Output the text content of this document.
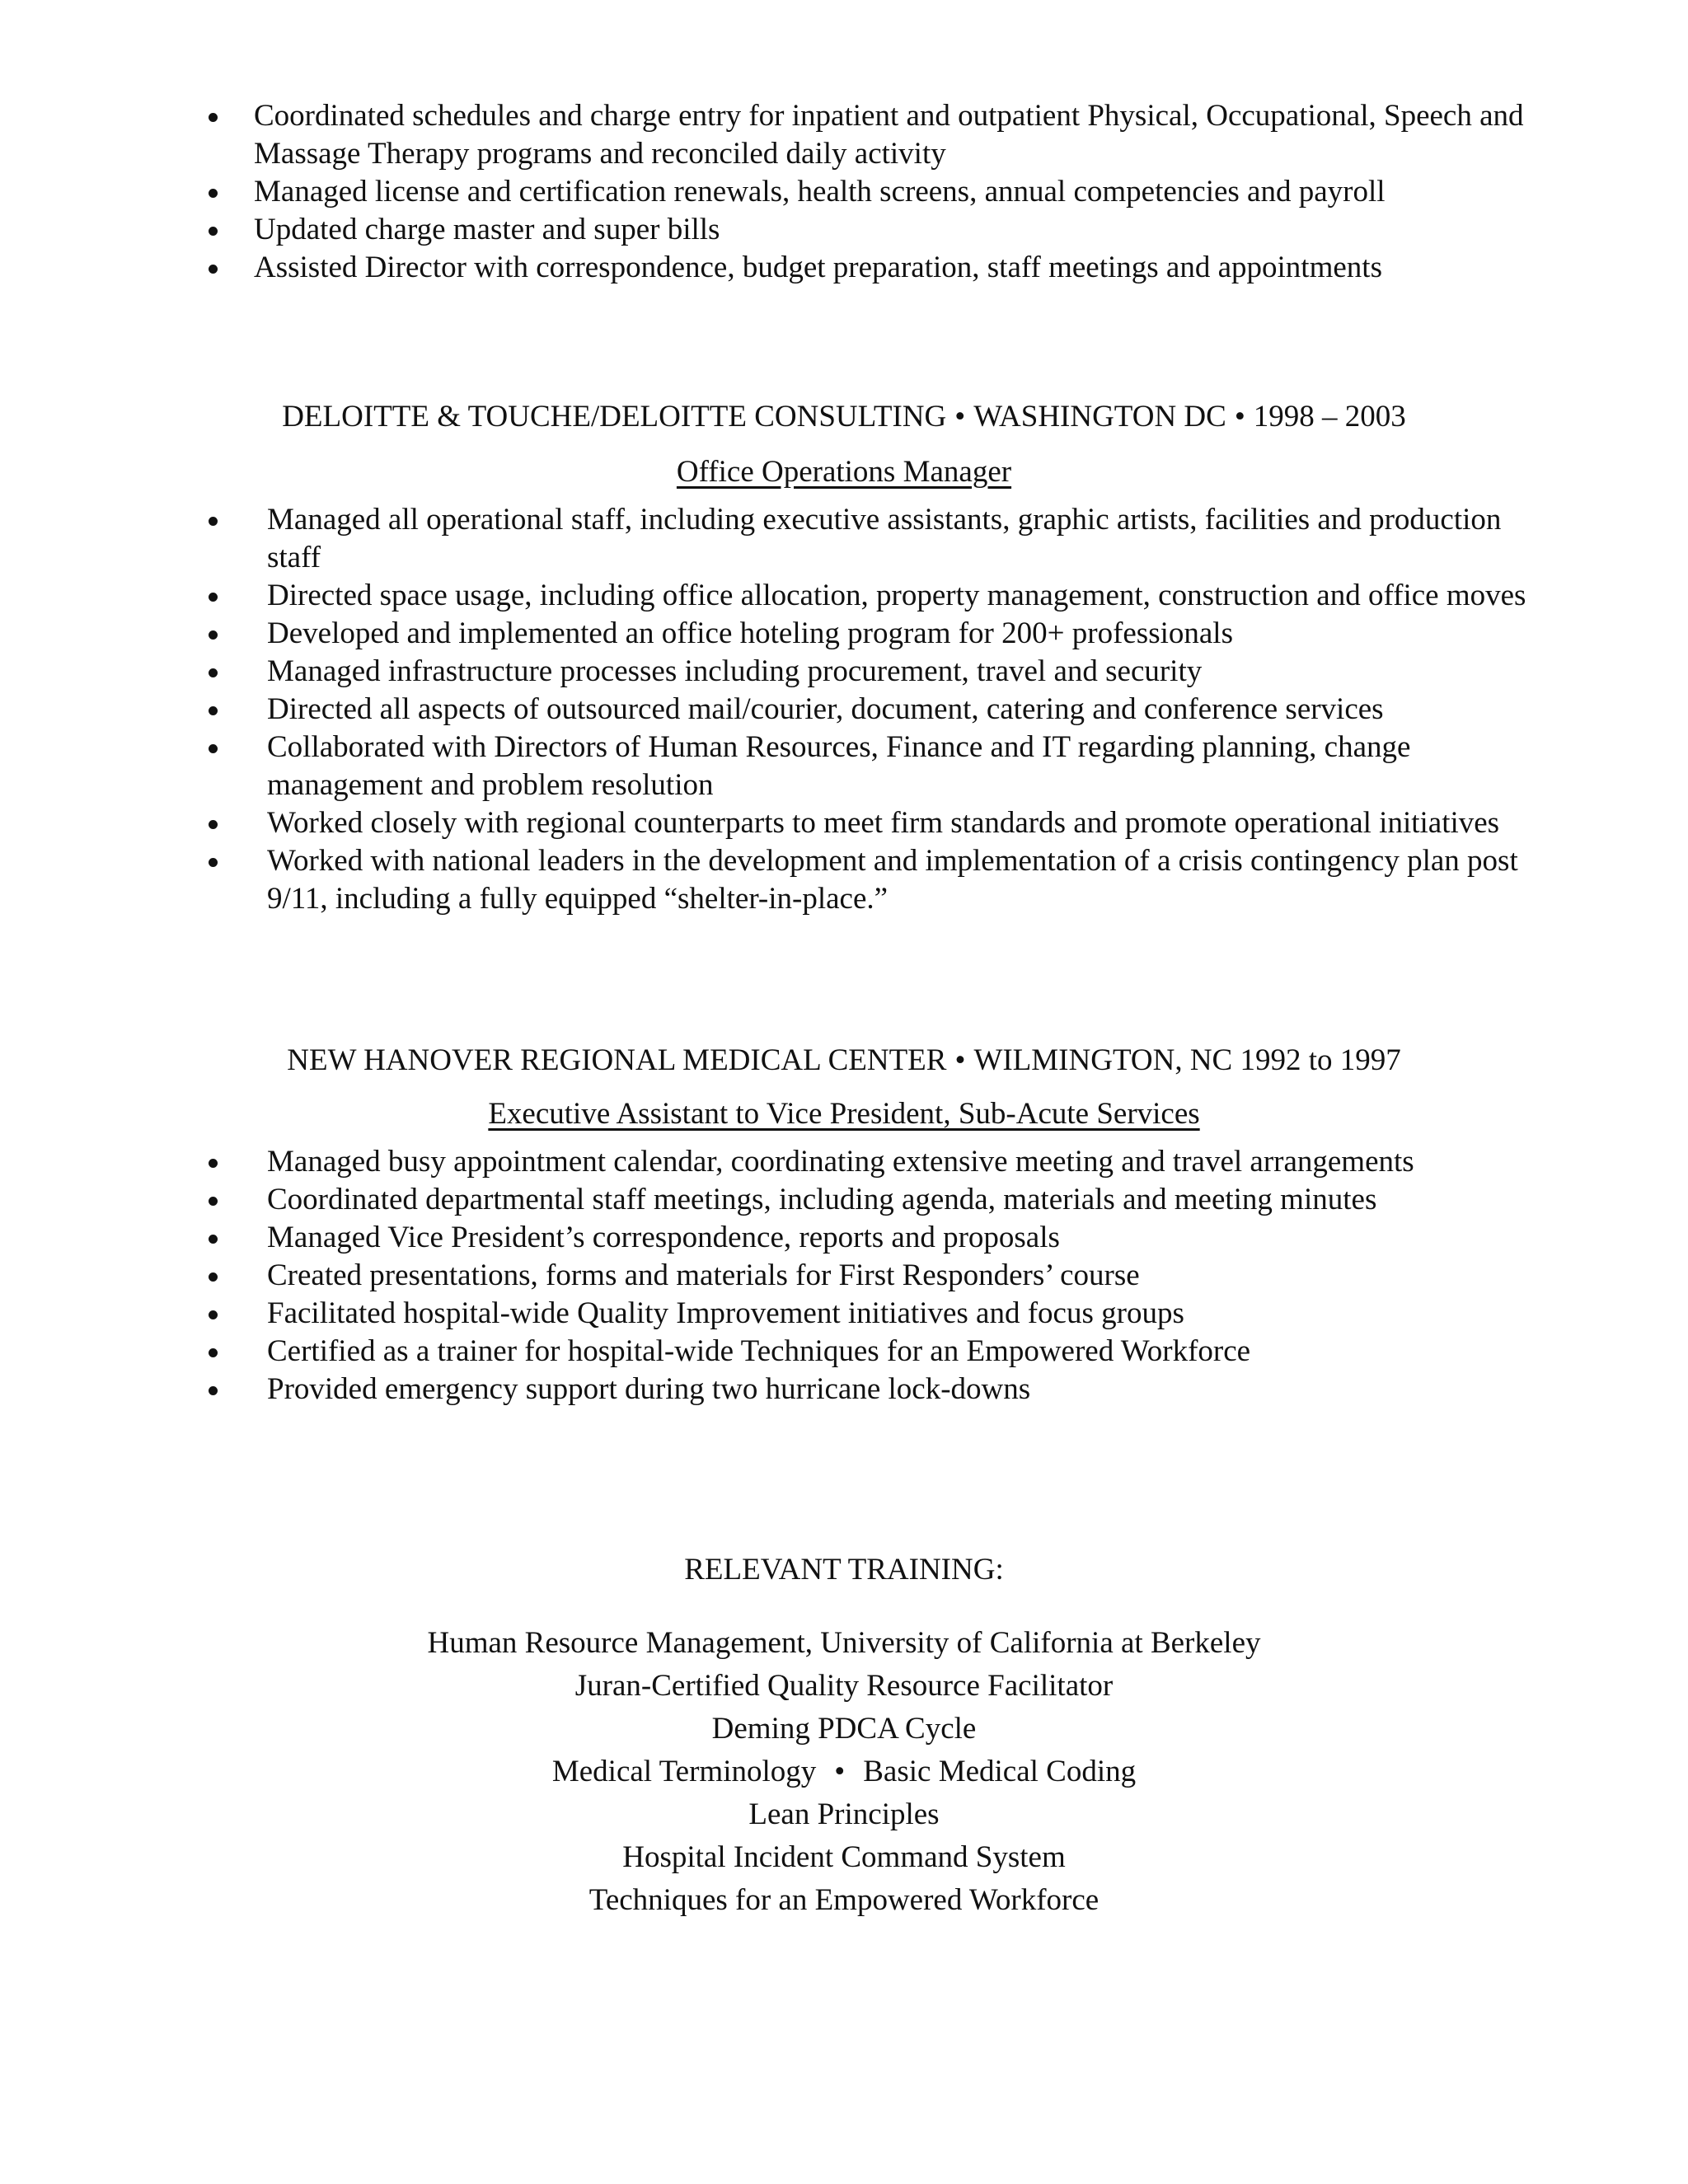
Coordinated schedules and charge entry for inpatient and outpatient Physical, Occupational, Speech and Massage Therapy programs and reconciled daily activity
Managed license and certification renewals, health screens, annual competencies and payroll
Updated charge master and super bills
Assisted Director with correspondence, budget preparation, staff meetings and appointments
DELOITTE & TOUCHE/DELOITTE CONSULTING • WASHINGTON DC • 1998 – 2003
Office Operations Manager
Managed all operational staff, including executive assistants, graphic artists, facilities and production staff
Directed space usage, including office allocation, property management, construction and office moves
Developed and implemented an office hoteling program for 200+ professionals
Managed infrastructure processes including procurement, travel and security
Directed all aspects of outsourced mail/courier, document, catering and conference services
Collaborated with Directors of Human Resources, Finance and IT regarding planning, change management and problem resolution
Worked closely with regional counterparts to meet firm standards and promote operational initiatives
Worked with national leaders in the development and implementation of a crisis contingency plan post 9/11, including a fully equipped “shelter-in-place.”
NEW HANOVER REGIONAL MEDICAL CENTER • WILMINGTON, NC 1992 to 1997
Executive Assistant to Vice President, Sub-Acute Services
Managed busy appointment calendar, coordinating extensive meeting and travel arrangements
Coordinated departmental staff meetings, including agenda, materials and meeting minutes
Managed Vice President’s correspondence, reports and proposals
Created presentations, forms and materials for First Responders’ course
Facilitated hospital-wide Quality Improvement initiatives and focus groups
Certified as a trainer for hospital-wide Techniques for an Empowered Workforce
Provided emergency support during two hurricane lock-downs
RELEVANT TRAINING:
Human Resource Management, University of California at Berkeley
Juran-Certified Quality Resource Facilitator
Deming PDCA Cycle
Medical Terminology • Basic Medical Coding
Lean Principles
Hospital Incident Command System
Techniques for an Empowered Workforce
